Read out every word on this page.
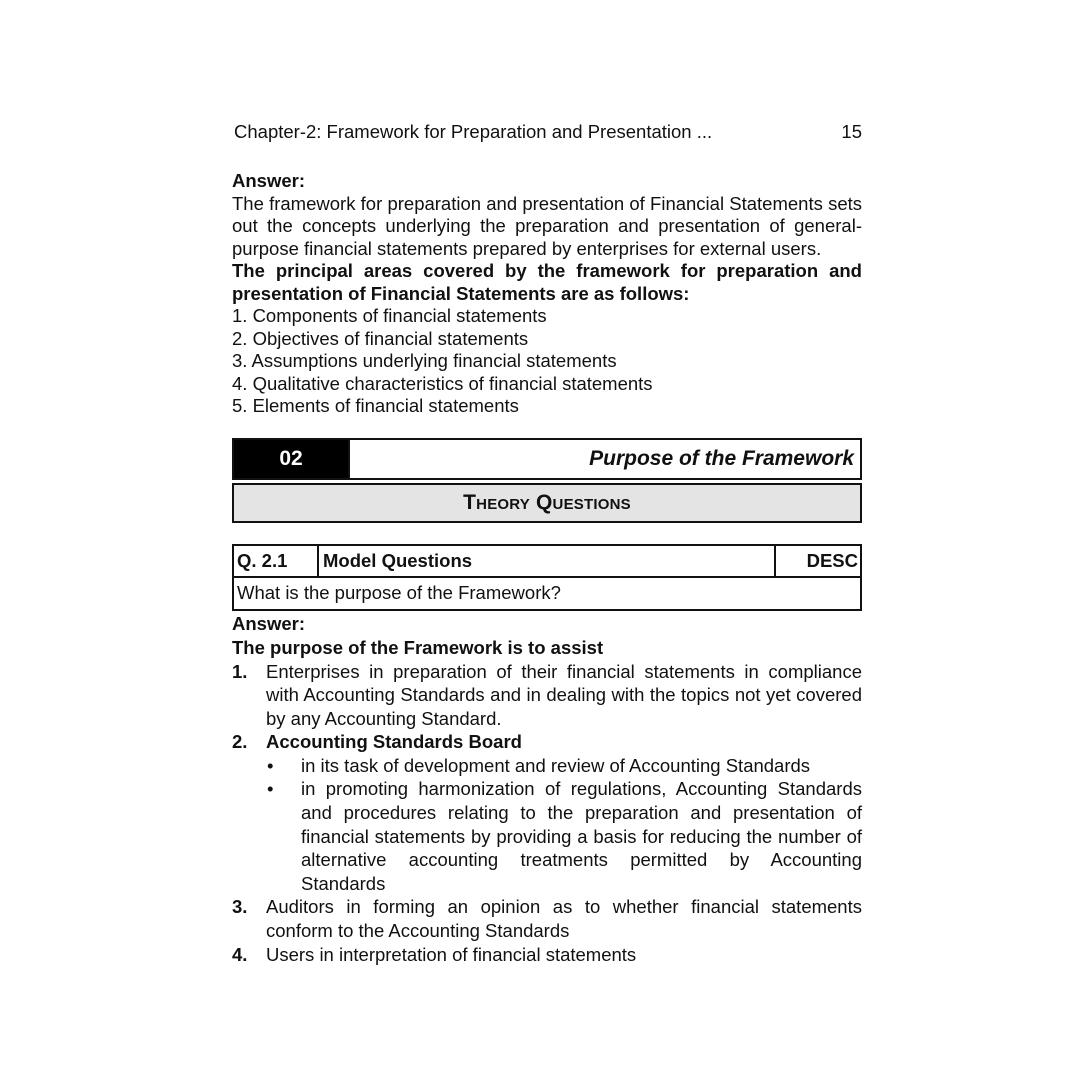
Chapter-2: Framework for Preparation and Presentation ...	15
Answer:
The framework for preparation and presentation of Financial Statements sets out the concepts underlying the preparation and presentation of general-purpose financial statements prepared by enterprises for external users.
The principal areas covered by the framework for preparation and presentation of Financial Statements are as follows:
1. Components of financial statements
2. Objectives of financial statements
3. Assumptions underlying financial statements
4. Qualitative characteristics of financial statements
5. Elements of financial statements
02	Purpose of the Framework
Theory Questions
Q. 2.1	Model Questions	DESC
What is the purpose of the Framework?
Answer:
The purpose of the Framework is to assist
1.	Enterprises in preparation of their financial statements in compliance with Accounting Standards and in dealing with the topics not yet covered by any Accounting Standard.
2.	Accounting Standards Board
•	in its task of development and review of Accounting Standards
•	in promoting harmonization of regulations, Accounting Standards and procedures relating to the preparation and presentation of financial statements by providing a basis for reducing the number of alternative accounting treatments permitted by Accounting Standards
3.	Auditors in forming an opinion as to whether financial statements conform to the Accounting Standards
4.	Users in interpretation of financial statements
